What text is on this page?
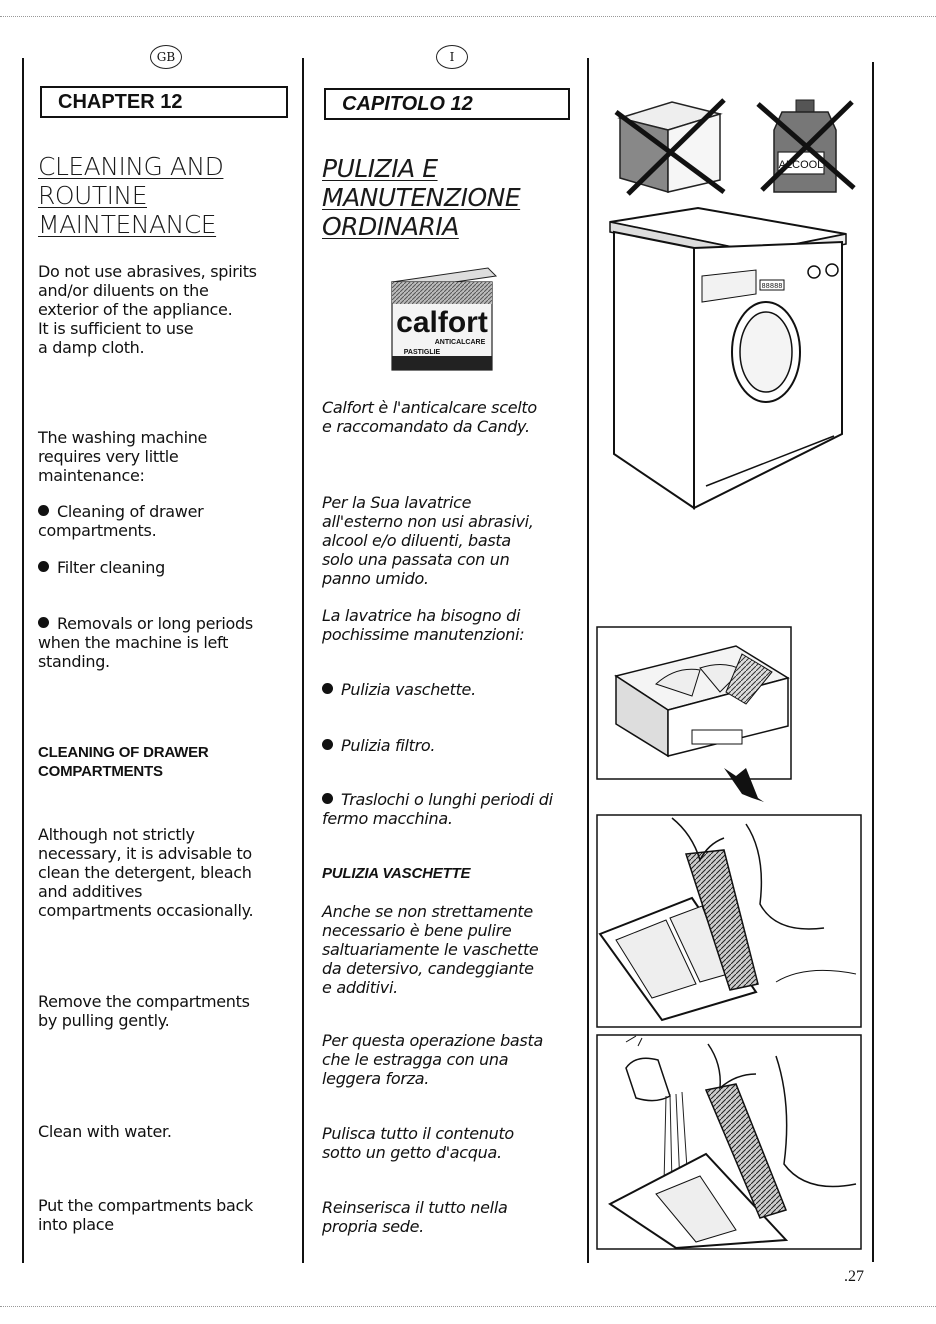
GB
CHAPTER 12
CLEANING AND
ROUTINE
MAINTENANCE
Do not use abrasives, spirits
and/or diluents on the
exterior of the appliance.
It is sufficient to use
a damp cloth.
The washing machine
requires very little
maintenance:
Cleaning of drawer
compartments.
Filter cleaning
Removals or long periods
when the machine is left
standing.
CLEANING OF DRAWER
COMPARTMENTS
Although not strictly
necessary, it is advisable to
clean the detergent, bleach
and additives
compartments occasionally.
Remove the compartments
by pulling gently.
Clean with water.
Put the compartments back
into place
I
CAPITOLO 12
PULIZIA E
MANUTENZIONE
ORDINARIA
calfort
ANTICALCARE
PASTIGLIE
Calfort è l'anticalcare scelto
e raccomandato da Candy.
Per la Sua lavatrice
all'esterno non usi abrasivi,
alcool e/o diluenti, basta
solo una passata con un
panno umido.
La lavatrice ha bisogno di
pochissime manutenzioni:
Pulizia vaschette.
Pulizia filtro.
Traslochi o lunghi periodi di
fermo macchina.
PULIZIA VASCHETTE
Anche se non strettamente
necessario è bene pulire
saltuariamente le vaschette
da detersivo, candeggiante
e additivi.
Per questa operazione basta
che le estragga con una
leggera forza.
Pulisca tutto il contenuto
sotto un getto d'acqua.
Reinserisca il tutto nella
propria sede.
ALCOOL
88888
.27
